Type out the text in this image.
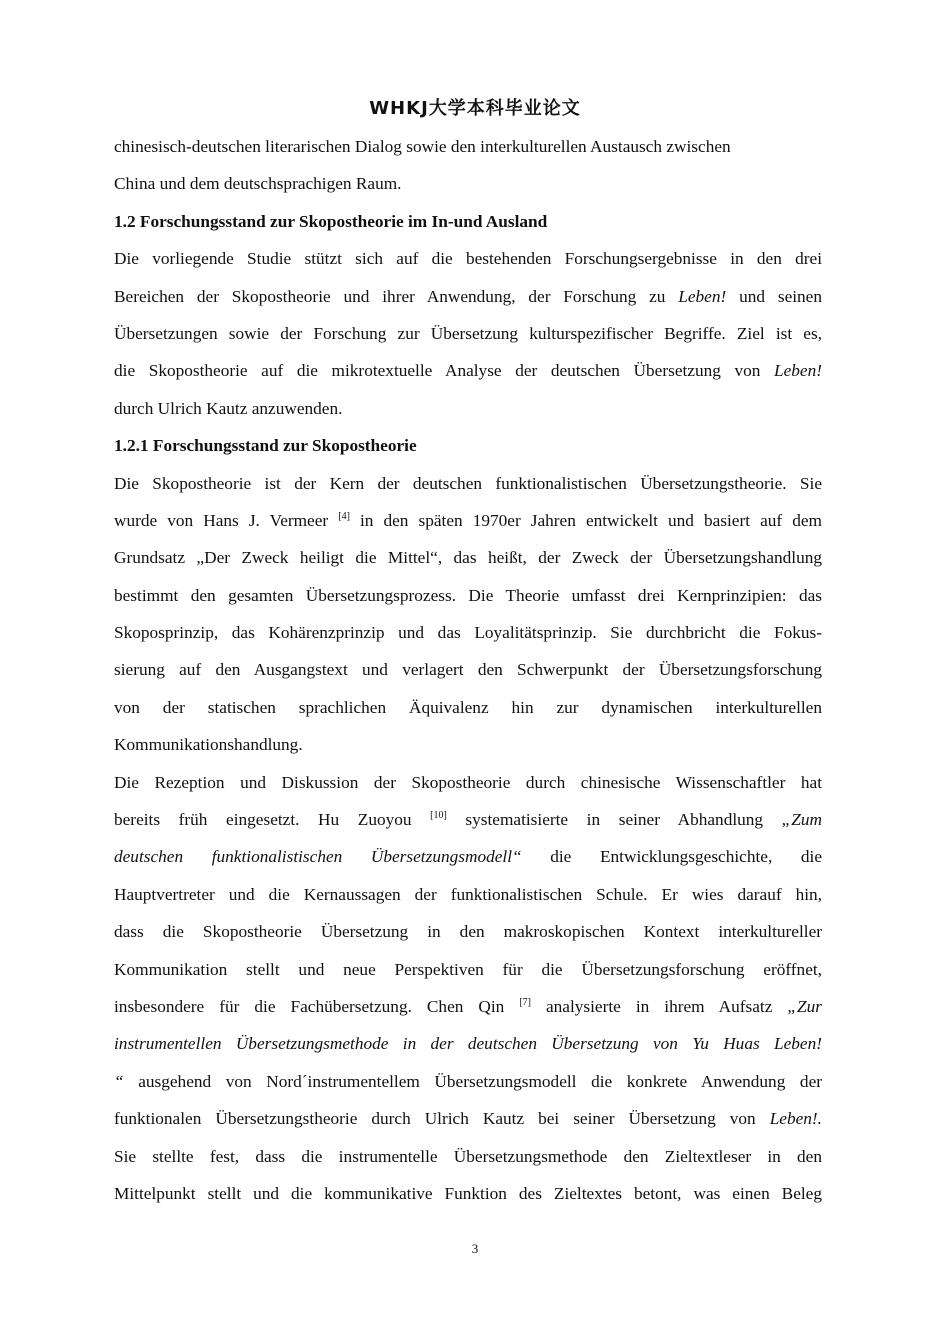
WHKJ大学本科毕业论文
chinesisch-deutschen literarischen Dialog sowie den interkulturellen Austausch zwischen
China und dem deutschsprachigen Raum.
1.2 Forschungsstand zur Skopostheorie im In-und Ausland
Die vorliegende Studie stützt sich auf die bestehenden Forschungsergebnisse in den drei
Bereichen der Skopostheorie und ihrer Anwendung, der Forschung zu Leben! und seinen
Übersetzungen sowie der Forschung zur Übersetzung kulturspezifischer Begriffe. Ziel ist es,
die Skopostheorie auf die mikrotextuelle Analyse der deutschen Übersetzung von Leben!
durch Ulrich Kautz anzuwenden.
1.2.1 Forschungsstand zur Skopostheorie
Die Skopostheorie ist der Kern der deutschen funktionalistischen Übersetzungstheorie. Sie
wurde von Hans J. Vermeer [4] in den späten 1970er Jahren entwickelt und basiert auf dem
Grundsatz „Der Zweck heiligt die Mittel“, das heißt, der Zweck der Übersetzungshandlung
bestimmt den gesamten Übersetzungsprozess. Die Theorie umfasst drei Kernprinzipien: das
Skoposprinzip, das Kohärenzprinzip und das Loyalitätsprinzip. Sie durchbricht die Fokus-
sierung auf den Ausgangstext und verlagert den Schwerpunkt der Übersetzungsforschung
von der statischen sprachlichen Äquivalenz hin zur dynamischen interkulturellen
Kommunikationshandlung.
Die Rezeption und Diskussion der Skopostheorie durch chinesische Wissenschaftler hat
bereits früh eingesetzt. Hu Zuoyou [10] systematisierte in seiner Abhandlung „Zum
deutschen funktionalistischen Übersetzungsmodell“ die Entwicklungsgeschichte, die
Hauptvertreter und die Kernaussagen der funktionalistischen Schule. Er wies darauf hin,
dass die Skopostheorie Übersetzung in den makroskopischen Kontext interkultureller
Kommunikation stellt und neue Perspektiven für die Übersetzungsforschung eröffnet,
insbesondere für die Fachübersetzung. Chen Qin [7] analysierte in ihrem Aufsatz „Zur
instrumentellen Übersetzungsmethode in der deutschen Übersetzung von Yu Huas Leben!
“ ausgehend von Nord´instrumentellem Übersetzungsmodell die konkrete Anwendung der
funktionalen Übersetzungstheorie durch Ulrich Kautz bei seiner Übersetzung von Leben!.
Sie stellte fest, dass die instrumentelle Übersetzungsmethode den Zieltextleser in den
Mittelpunkt stellt und die kommunikative Funktion des Zieltextes betont, was einen Beleg
3
